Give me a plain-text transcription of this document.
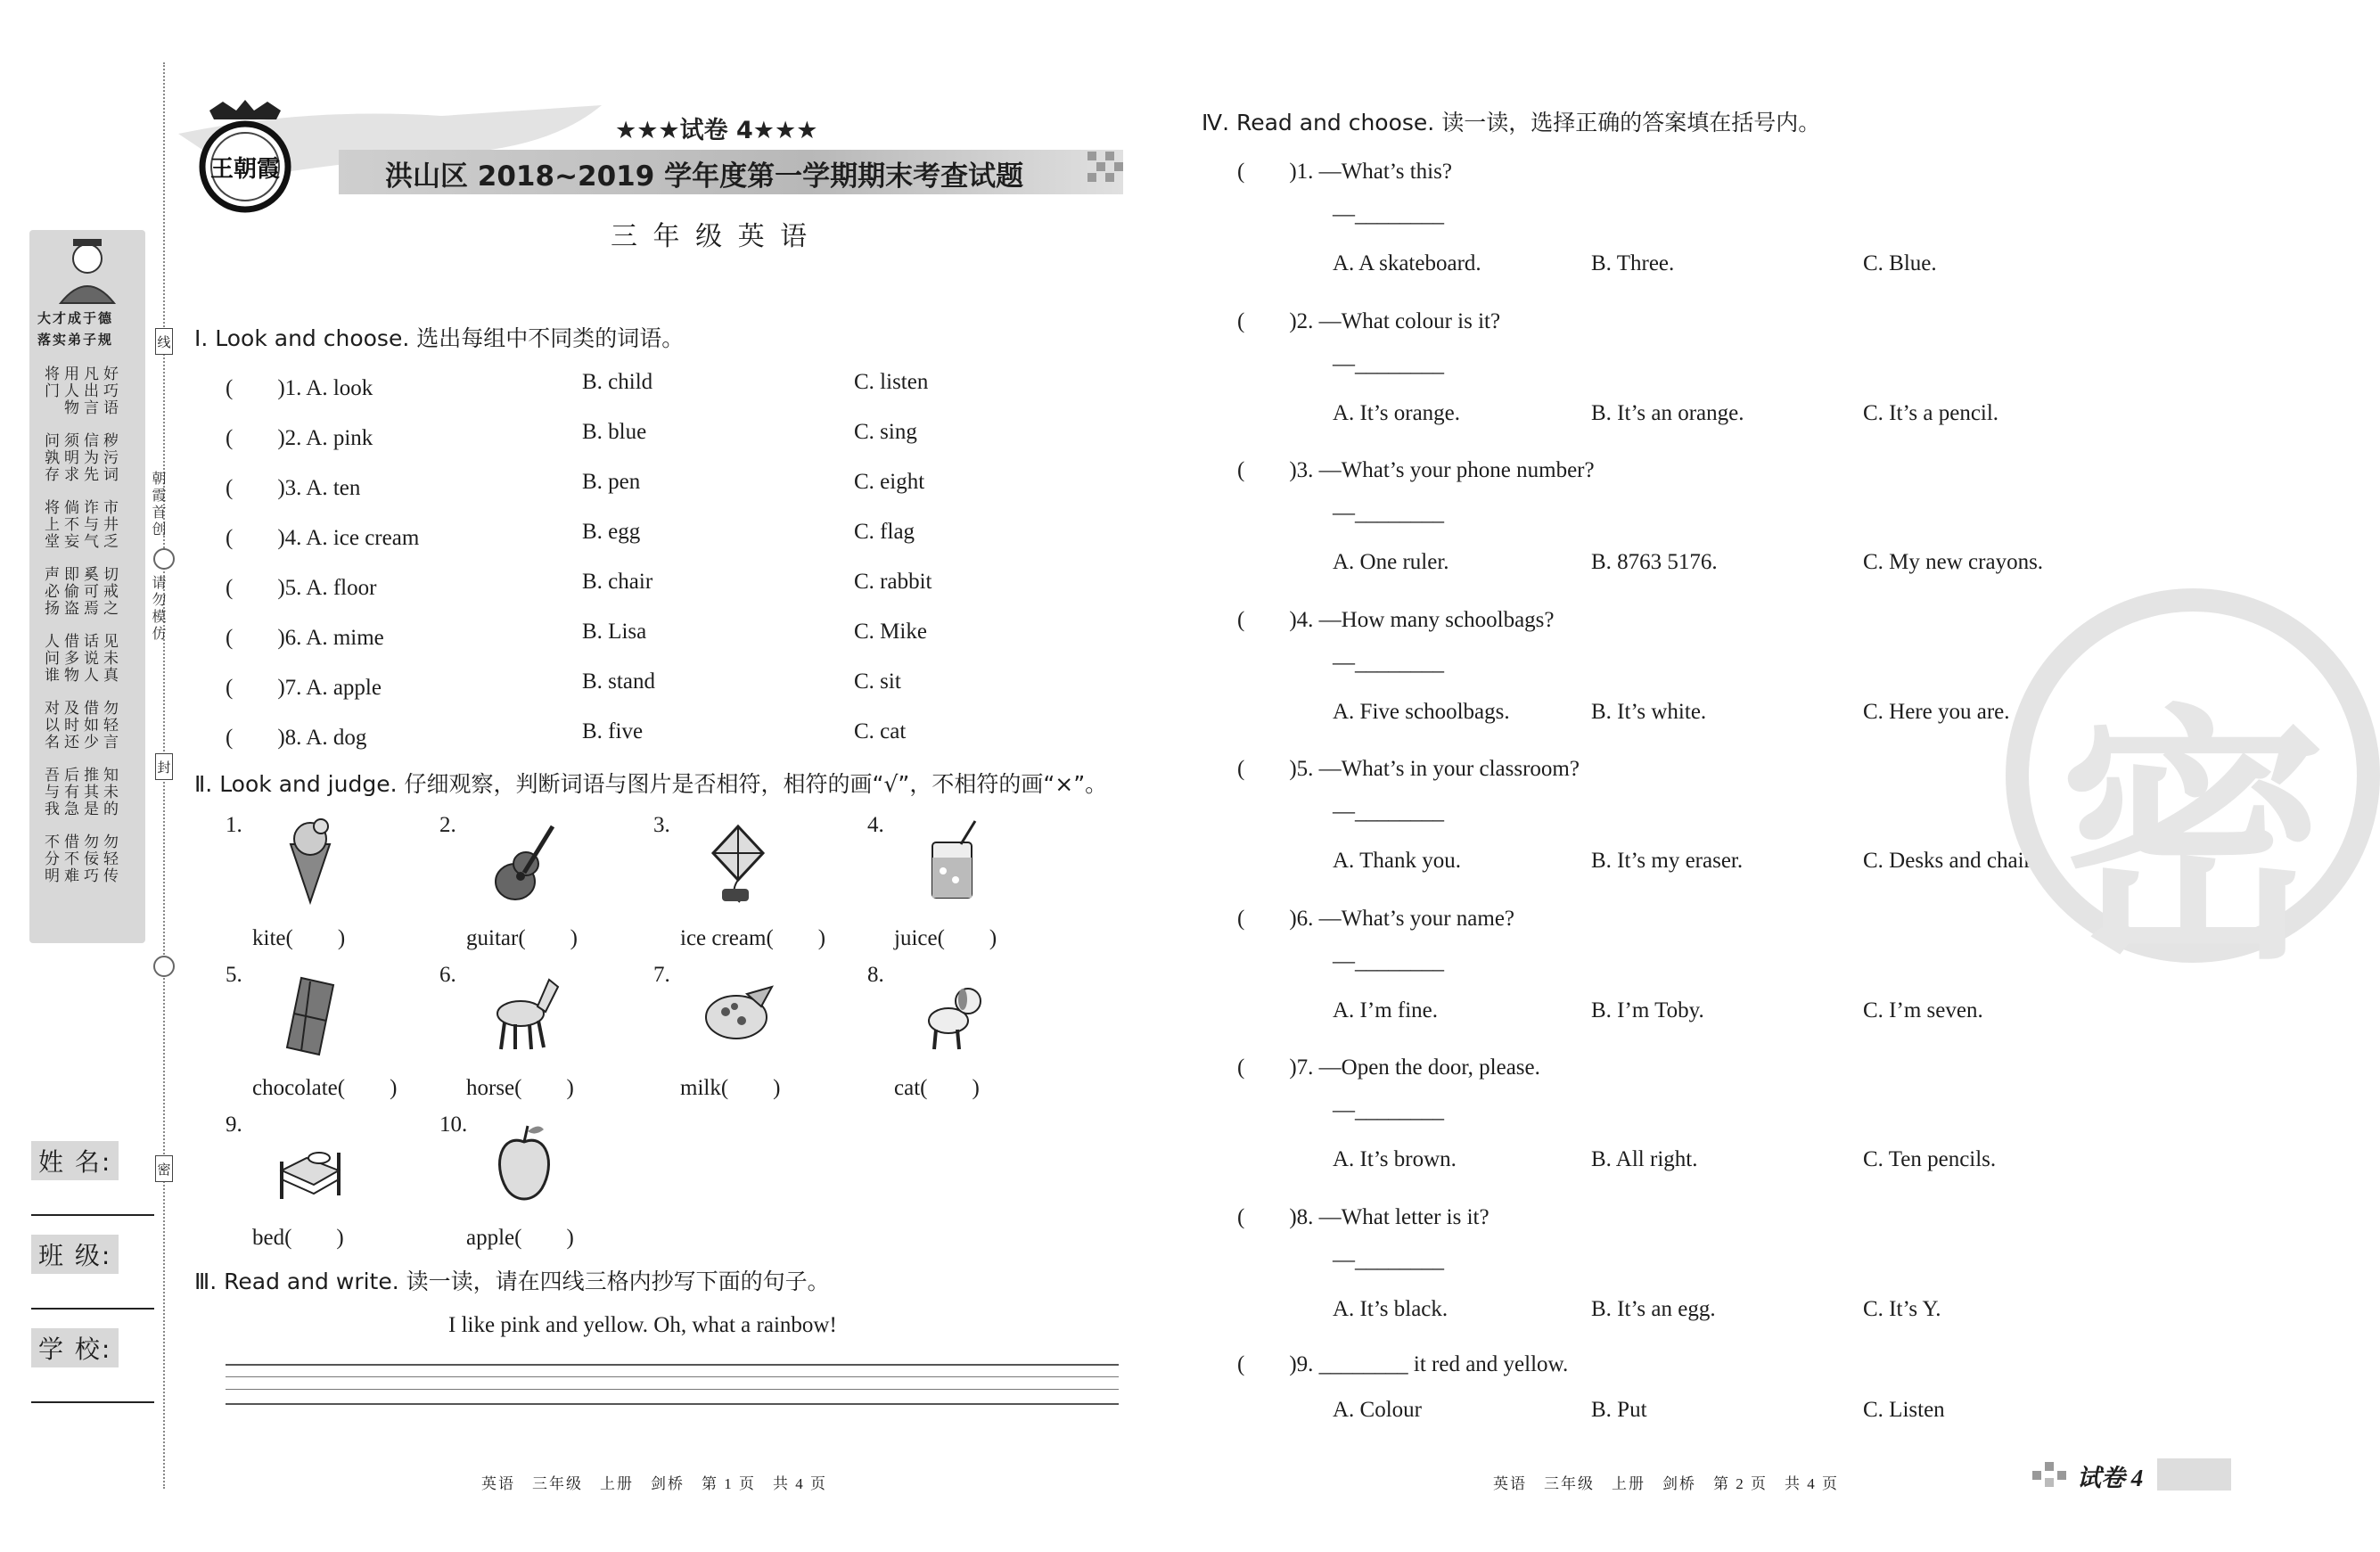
大才成于德
落实弟子规
将门 用人物 凡出言 好巧语
问孰存 须明求 信为先 秽污词
将上堂 倘不妄 诈与气 市井乏
声必扬 即偷盗 奚可焉 切戒之
人问谁 借多物 话说人 见未真
对以名 及时还 借如少 勿轻言
吾与我 后有急 推其是 知未的
不分明 借不难 勿佞巧 勿轻传
朝霞首创
请勿模仿
线
封
密
姓 名:
班 级:
学 校:
王朝霞
★★★试卷 4★★★
洪山区 2018~2019 学年度第一学期期末考查试题
三 年 级 英 语
Ⅰ. Look and choose. 选出每组中不同类的词语。
(　　)1. A. look	B. child	C. listen
(　　)2. A. pink	B. blue	C. sing
(　　)3. A. ten	B. pen	C. eight
(　　)4. A. ice cream	B. egg	C. flag
(　　)5. A. floor	B. chair	C. rabbit
(　　)6. A. mime	B. Lisa	C. Mike
(　　)7. A. apple	B. stand	C. sit
(　　)8. A. dog	B. five	C. cat
Ⅱ. Look and judge. 仔细观察，判断词语与图片是否相符，相符的画“√”，不相符的画“×”。
1.
kite(　　)
2.
guitar(　　)
3.
ice cream(　　)
4.
juice(　　)
5.
chocolate(　　)
6.
horse(　　)
7.
milk(　　)
8.
cat(　　)
9.
bed(　　)
10.
apple(　　)
Ⅲ. Read and write. 读一读，请在四线三格内抄写下面的句子。
I like pink and yellow. Oh, what a rainbow!
Ⅳ. Read and choose. 读一读，选择正确的答案填在括号内。
(　　)1. —What’s this?
—________
A. A skateboard.	B. Three.	C. Blue.
(　　)2. —What colour is it?
—________
A. It’s orange.	B. It’s an orange.	C. It’s a pencil.
(　　)3. —What’s your phone number?
—________
A. One ruler.	B. 8763 5176.	C. My new crayons.
(　　)4. —How many schoolbags?
—________
A. Five schoolbags.	B. It’s white.	C. Here you are.
(　　)5. —What’s in your classroom?
—________
A. Thank you.	B. It’s my eraser.	C. Desks and chairs.
(　　)6. —What’s your name?
—________
A. I’m fine.	B. I’m Toby.	C. I’m seven.
(　　)7. —Open the door, please.
—________
A. It’s brown.	B. All right.	C. Ten pencils.
(　　)8. —What letter is it?
—________
A. It’s black.	B. It’s an egg.	C. It’s Y.
(　　)9. ________ it red and yellow.
A. Colour	B. Put	C. Listen
密
英语　三年级　上册　剑桥　第 1 页　共 4 页	英语　三年级　上册　剑桥　第 2 页　共 4 页	试卷 4
